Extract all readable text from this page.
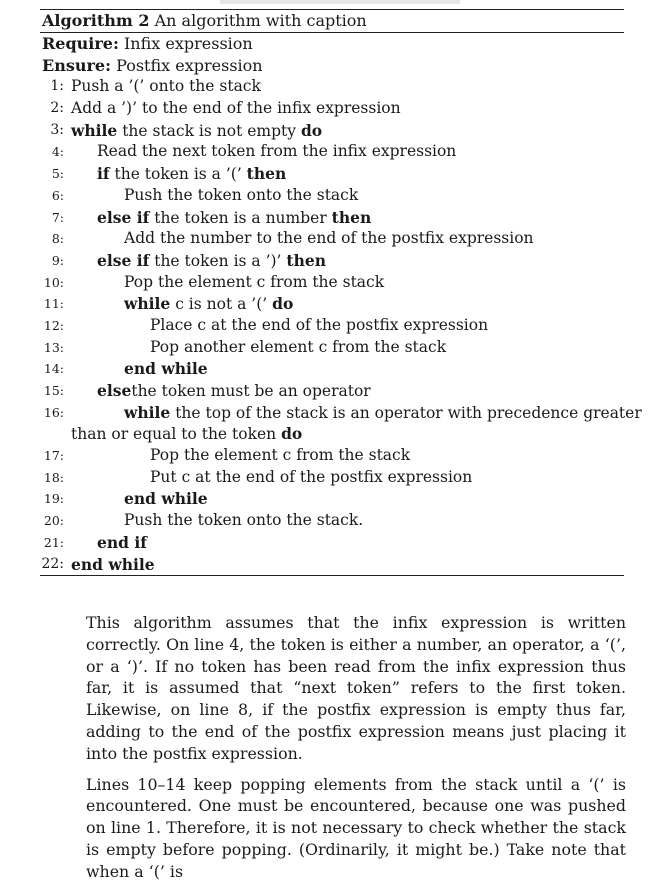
Algorithm 2 An algorithm with caption
Require: Infix expression
Ensure: Postfix expression
1: Push a ’(’ onto the stack
2: Add a ’)’ to the end of the infix expression
3: while the stack is not empty do
4: Read the next token from the infix expression
5: if the token is a ’(’ then
6:	Push the token onto the stack
7: else if the token is a number then
8:	Add the number to the end of the postfix expression
9: else if the token is a ’)’ then
10:	Pop the element c from the stack
11:	while c is not a ’(’ do
12:	Place c at the end of the postfix expression
13:	Pop another element c from the stack
14:	end while
15: elsethe token must be an operator
16:	while the top of the stack is an operator with precedence greater
than or equal to the token do
17:	Pop the element c from the stack
18:	Put c at the end of the postfix expression
19:	end while
20:	Push the token onto the stack.
21: end if
22: end while

This algorithm assumes that the infix expression is written correctly. On line 4, the token is either a number, an operator, a ‘(’, or a ‘)’. If no token has been read from the infix expression thus far, it is assumed that “next token” refers to the first token. Likewise, on line 8, if the postfix expression is empty thus far, adding to the end of the postfix expression means just placing it into the postfix expression.

Lines 10–14 keep popping elements from the stack until a ‘(’ is encountered. One must be encountered, because one was pushed on line 1. Therefore, it is not necessary to check whether the stack is empty before popping. (Ordinarily, it might be.) Take note that when a ‘(’ is
